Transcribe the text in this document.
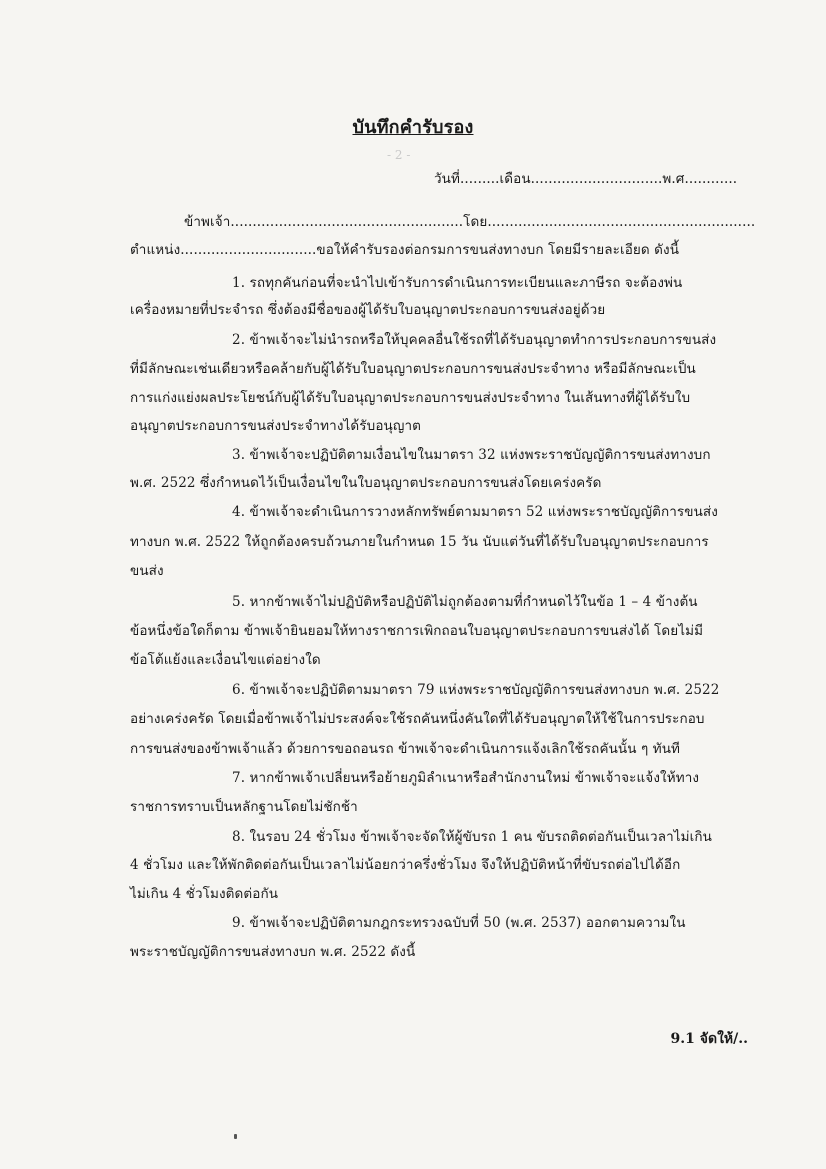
- 2 -
บันทึกคำรับรอง
วันที่.........เดือน..............................พ.ศ............
ข้าพเจ้า.....................................................โดย.............................................................
ตำแหน่ง...............................ขอให้คำรับรองต่อกรมการขนส่งทางบก โดยมีรายละเอียด ดังนี้
1. รถทุกคันก่อนที่จะนำไปเข้ารับการดำเนินการทะเบียนและภาษีรถ จะต้องพ่น
เครื่องหมายที่ประจำรถ ซึ่งต้องมีชื่อของผู้ได้รับใบอนุญาตประกอบการขนส่งอยู่ด้วย
2. ข้าพเจ้าจะไม่นำรถหรือให้บุคคลอื่นใช้รถที่ได้รับอนุญาตทำการประกอบการขนส่ง
ที่มีลักษณะเช่นเดียวหรือคล้ายกับผู้ได้รับใบอนุญาตประกอบการขนส่งประจำทาง หรือมีลักษณะเป็น
การแก่งแย่งผลประโยชน์กับผู้ได้รับใบอนุญาตประกอบการขนส่งประจำทาง ในเส้นทางที่ผู้ได้รับใบ
อนุญาตประกอบการขนส่งประจำทางได้รับอนุญาต
3. ข้าพเจ้าจะปฏิบัติตามเงื่อนไขในมาตรา 32 แห่งพระราชบัญญัติการขนส่งทางบก
พ.ศ. 2522 ซึ่งกำหนดไว้เป็นเงื่อนไขในใบอนุญาตประกอบการขนส่งโดยเคร่งครัด
4. ข้าพเจ้าจะดำเนินการวางหลักทรัพย์ตามมาตรา 52 แห่งพระราชบัญญัติการขนส่ง
ทางบก พ.ศ. 2522 ให้ถูกต้องครบถ้วนภายในกำหนด 15 วัน นับแต่วันที่ได้รับใบอนุญาตประกอบการ
ขนส่ง
5. หากข้าพเจ้าไม่ปฏิบัติหรือปฏิบัติไม่ถูกต้องตามที่กำหนดไว้ในข้อ 1 – 4 ข้างต้น
ข้อหนึ่งข้อใดก็ตาม ข้าพเจ้ายินยอมให้ทางราชการเพิกถอนใบอนุญาตประกอบการขนส่งได้ โดยไม่มี
ข้อโต้แย้งและเงื่อนไขแต่อย่างใด
6. ข้าพเจ้าจะปฏิบัติตามมาตรา 79 แห่งพระราชบัญญัติการขนส่งทางบก พ.ศ. 2522
อย่างเคร่งครัด โดยเมื่อข้าพเจ้าไม่ประสงค์จะใช้รถคันหนึ่งคันใดที่ได้รับอนุญาตให้ใช้ในการประกอบ
การขนส่งของข้าพเจ้าแล้ว ด้วยการขอถอนรถ ข้าพเจ้าจะดำเนินการแจ้งเลิกใช้รถคันนั้น ๆ ทันที
7. หากข้าพเจ้าเปลี่ยนหรือย้ายภูมิลำเนาหรือสำนักงานใหม่ ข้าพเจ้าจะแจ้งให้ทาง
ราชการทราบเป็นหลักฐานโดยไม่ชักช้า
8. ในรอบ 24 ชั่วโมง ข้าพเจ้าจะจัดให้ผู้ขับรถ 1 คน ขับรถติดต่อกันเป็นเวลาไม่เกิน
4 ชั่วโมง และให้พักติดต่อกันเป็นเวลาไม่น้อยกว่าครึ่งชั่วโมง จึงให้ปฏิบัติหน้าที่ขับรถต่อไปได้อีก
ไม่เกิน 4 ชั่วโมงติดต่อกัน
9. ข้าพเจ้าจะปฏิบัติตามกฎกระทรวงฉบับที่ 50 (พ.ศ. 2537) ออกตามความใน
พระราชบัญญัติการขนส่งทางบก พ.ศ. 2522 ดังนี้
9.1 จัดให้/..
